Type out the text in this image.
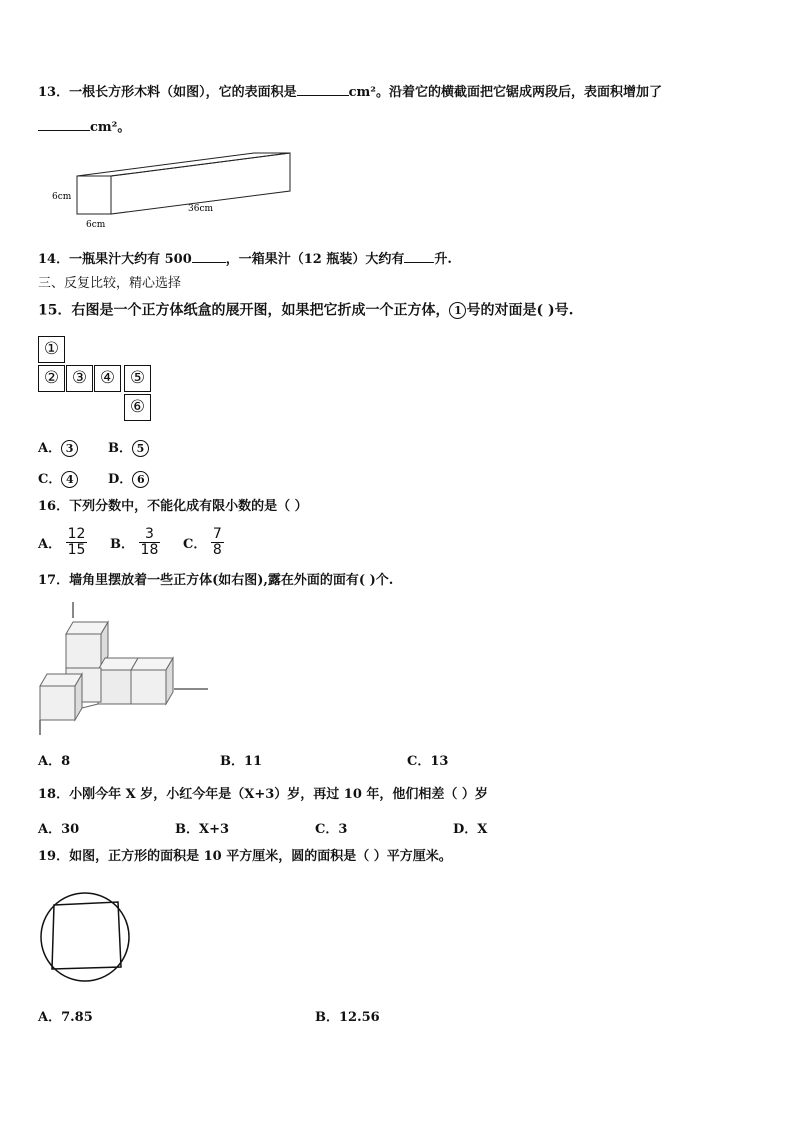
13．一根长方形木料（如图），它的表面积是	cm²。沿着它的横截面把它锯成两段后，表面积增加了
cm²。
6cm
6cm
36cm
14．一瓶果汁大约有 500	，一箱果汁（12 瓶装）大约有 升.
三、反复比较，精心选择
15．右图是一个正方体纸盒的展开图，如果把它折成一个正方体， 1 号的对面是( )号.
①
② ③ ④ ⑤
⑥
A． 3	B． 5
C． 4	D． 6
16．下列分数中，不能化成有限小数的是（ ）
A． $\frac{12}{15}$ B． $\frac{3}{18}$ C． $\frac{7}{8}$
17．墙角里摆放着一些正方体(如右图),露在外面的面有( )个.
A．8	B．11	C．13
18．小刚今年 X 岁，小红今年是（X+3）岁，再过 10 年，他们相差（ ）岁
A．30	B．X+3	C．3	D．X
19．如图，正方形的面积是 10 平方厘米，圆的面积是（ ）平方厘米。
A．7.85	B．12.56
